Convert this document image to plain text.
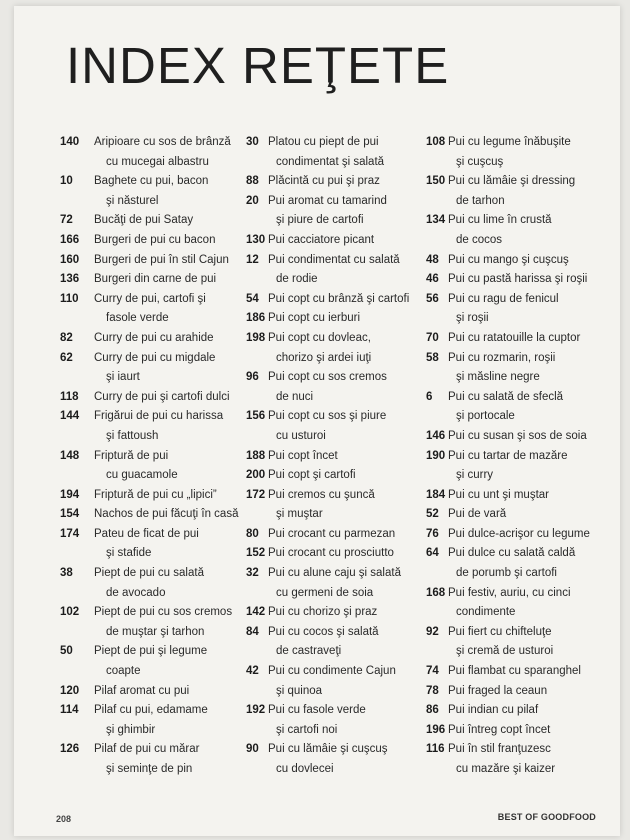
INDEX REŢETE
140	Aripioare cu sos de brânză
cu mucegai albastru
10	Baghete cu pui, bacon
şi năsturel
72	Bucăţi de pui Satay
166	Burgeri de pui cu bacon
160	Burgeri de pui în stil Cajun
136	Burgeri din carne de pui
110	Curry de pui, cartofi şi
fasole verde
82	Curry de pui cu arahide
62	Curry de pui cu migdale
şi iaurt
118	Curry de pui şi cartofi dulci
144	Frigărui de pui cu harissa
şi fattoush
148	Friptură de pui
cu guacamole
194	Friptură de pui cu „lipici”
154	Nachos de pui făcuţi în casă
174	Pateu de ficat de pui
şi stafide
38	Piept de pui cu salată
de avocado
102	Piept de pui cu sos cremos
de muştar şi tarhon
50	Piept de pui şi legume
coapte
120	Pilaf aromat cu pui
114	Pilaf cu pui, edamame
şi ghimbir
126	Pilaf de pui cu mărar
şi seminţe de pin
30 Platou cu piept de pui
condimentat şi salată
88 Plăcintă cu pui şi praz
20 Pui aromat cu tamarind
şi piure de cartofi
130 Pui cacciatore picant
12 Pui condimentat cu salată
de rodie
54 Pui copt cu brânză şi cartofi
186 Pui copt cu ierburi
198 Pui copt cu dovleac,
chorizo şi ardei iuţi
96 Pui copt cu sos cremos
de nuci
156 Pui copt cu sos şi piure
cu usturoi
188 Pui copt încet
200 Pui copt şi cartofi
172 Pui cremos cu şuncă
şi muştar
80 Pui crocant cu parmezan
152 Pui crocant cu prosciutto
32 Pui cu alune caju şi salată
cu germeni de soia
142 Pui cu chorizo şi praz
84 Pui cu cocos şi salată
de castraveţi
42 Pui cu condimente Cajun
şi quinoa
192 Pui cu fasole verde
şi cartofi noi
90 Pui cu lămâie şi cuşcuş
cu dovlecei
108 Pui cu legume înăbuşite
şi cuşcuş
150 Pui cu lămâie şi dressing
de tarhon
134 Pui cu lime în crustă
de cocos
48 Pui cu mango şi cuşcuş
46 Pui cu pastă harissa şi roşii
56 Pui cu ragu de fenicul
şi roşii
70 Pui cu ratatouille la cuptor
58 Pui cu rozmarin, roşii
şi măsline negre
6	Pui cu salată de sfeclă
şi portocale
146 Pui cu susan şi sos de soia
190 Pui cu tartar de mazăre
şi curry
184 Pui cu unt şi muştar
52 Pui de vară
76 Pui dulce-acrişor cu legume
64 Pui dulce cu salată caldă
de porumb şi cartofi
168 Pui festiv, auriu, cu cinci
condimente
92 Pui fiert cu chifteluţe
şi cremă de usturoi
74 Pui flambat cu sparanghel
78 Pui fraged la ceaun
86 Pui indian cu pilaf
196 Pui întreg copt încet
116 Pui în stil franţuzesc
cu mazăre şi kaizer
208	BEST OF GOODFOOD
